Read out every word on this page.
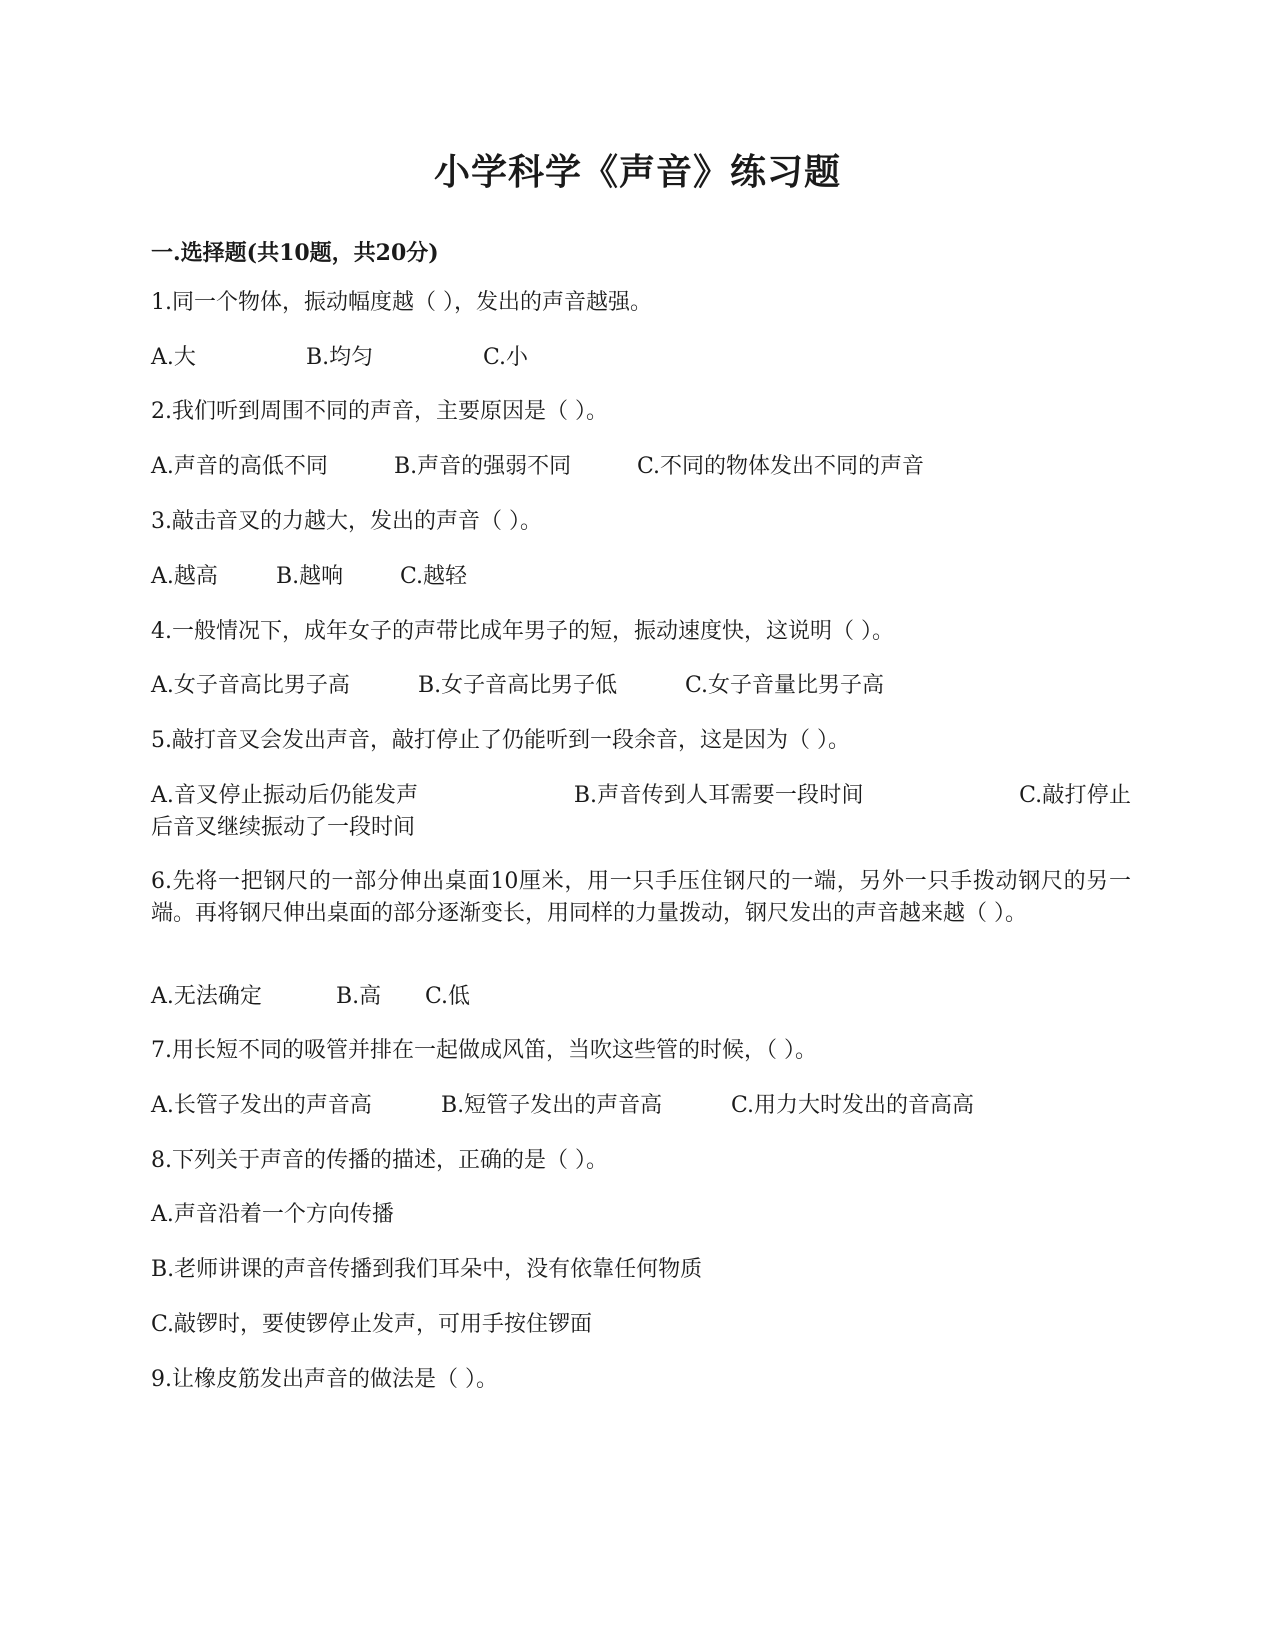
小学科学《声音》练习题
一.选择题(共10题，共20分)

1.同一个物体，振动幅度越（ ），发出的声音越强。

A.大	B.均匀	C.小

2.我们听到周围不同的声音，主要原因是（ ）。

A.声音的高低不同	B.声音的强弱不同	C.不同的物体发出不同的声音

3.敲击音叉的力越大，发出的声音（ ）。

A.越高	B.越响	C.越轻

4.一般情况下，成年女子的声带比成年男子的短，振动速度快，这说明（ ）。

A.女子音高比男子高	B.女子音高比男子低	C.女子音量比男子高

5.敲打音叉会发出声音，敲打停止了仍能听到一段余音，这是因为（ ）。

A.音叉停止振动后仍能发声　　　　　　　B.声音传到人耳需要一段时间　　　　　　　C.敲打停止后音叉继续振动了一段时间

6.先将一把钢尺的一部分伸出桌面10厘米，用一只手压住钢尺的一端，另外一只手拨动钢尺的另一端。再将钢尺伸出桌面的部分逐渐变长，用同样的力量拨动，钢尺发出的声音越来越（ ）。

A.无法确定	B.高 C.低

7.用长短不同的吸管并排在一起做成风笛，当吹这些管的时候，（ ）。

A.长管子发出的声音高	B.短管子发出的声音高	C.用力大时发出的音高高

8.下列关于声音的传播的描述，正确的是（ ）。

A.声音沿着一个方向传播

B.老师讲课的声音传播到我们耳朵中，没有依靠任何物质

C.敲锣时，要使锣停止发声，可用手按住锣面

9.让橡皮筋发出声音的做法是（ ）。
